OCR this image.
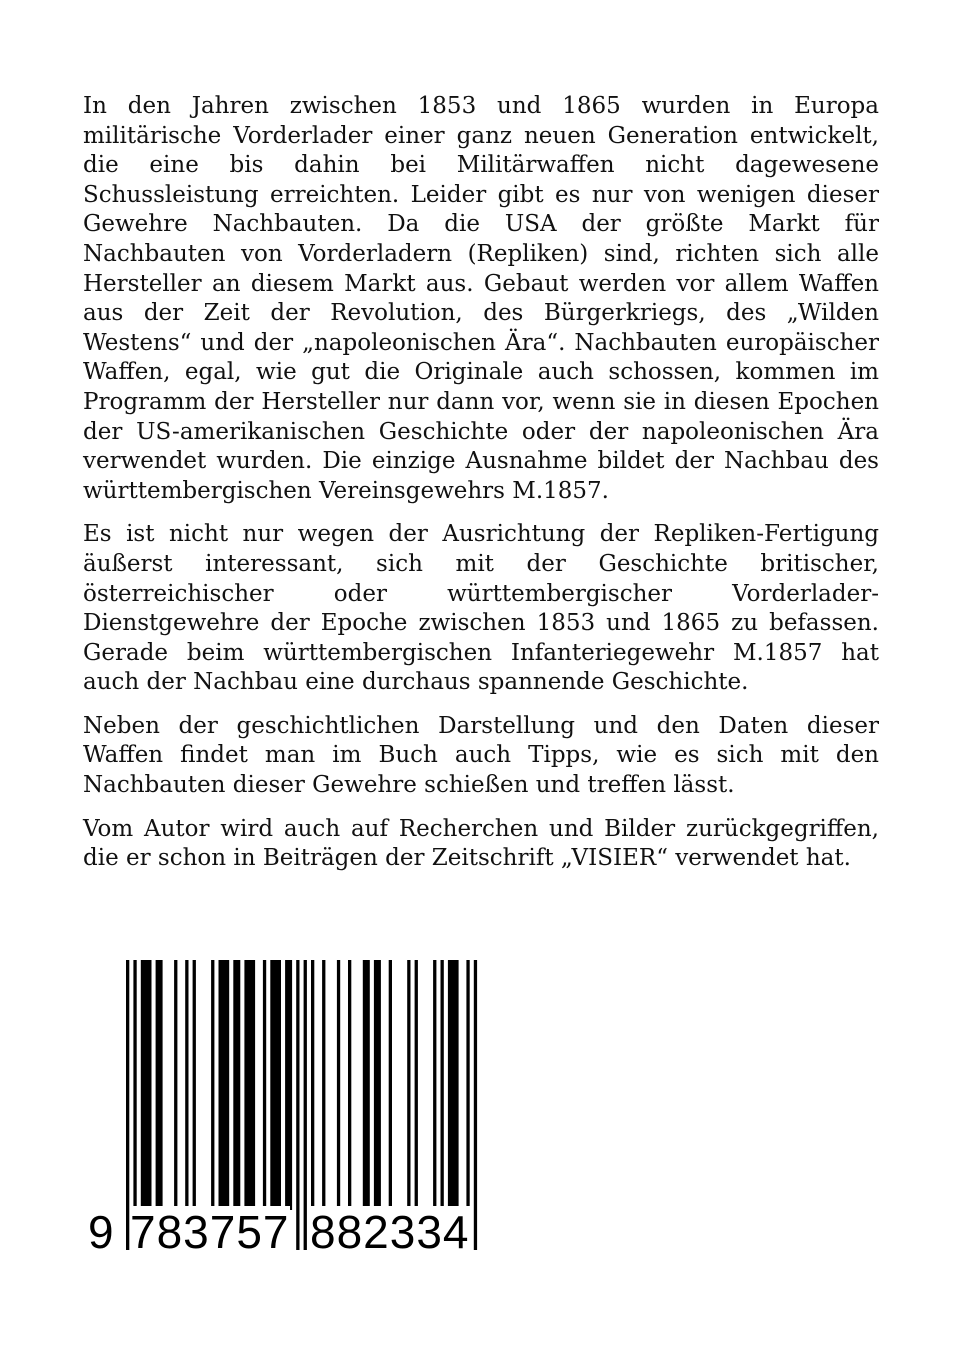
In den Jahren zwischen 1853 und 1865 wurden in Europa militärische Vorderlader einer ganz neuen Generation entwickelt, die eine bis dahin bei Militärwaffen nicht dagewesene Schussleistung erreichten. Leider gibt es nur von wenigen dieser Gewehre Nachbauten. Da die USA der größte Markt für Nachbauten von Vorderladern (Repliken) sind, richten sich alle Hersteller an diesem Markt aus. Gebaut werden vor allem Waffen aus der Zeit der Revolution, des Bürgerkriegs, des „Wilden Westens“ und der „napoleonischen Ära“. Nachbauten europäischer Waffen, egal, wie gut die Originale auch schossen, kommen im Programm der Hersteller nur dann vor, wenn sie in diesen Epochen der US-amerikanischen Geschichte oder der napoleonischen Ära verwendet wurden. Die einzige Ausnahme bildet der Nachbau des württembergischen Vereinsgewehrs M.1857.

Es ist nicht nur wegen der Ausrichtung der Repliken-Fertigung äußerst interessant, sich mit der Geschichte britischer, österreichischer oder württembergischer Vorderlader-Dienstgewehre der Epoche zwischen 1853 und 1865 zu befassen. Gerade beim württembergischen Infanteriegewehr M.1857 hat auch der Nachbau eine durchaus spannende Geschichte.

Neben der geschichtlichen Darstellung und den Daten dieser Waffen findet man im Buch auch Tipps, wie es sich mit den Nachbauten dieser Gewehre schießen und treffen lässt.

Vom Autor wird auch auf Recherchen und Bilder zurückgegriffen, die er schon in Beiträgen der Zeitschrift „VISIER“ verwendet hat.

9 783757 882334
